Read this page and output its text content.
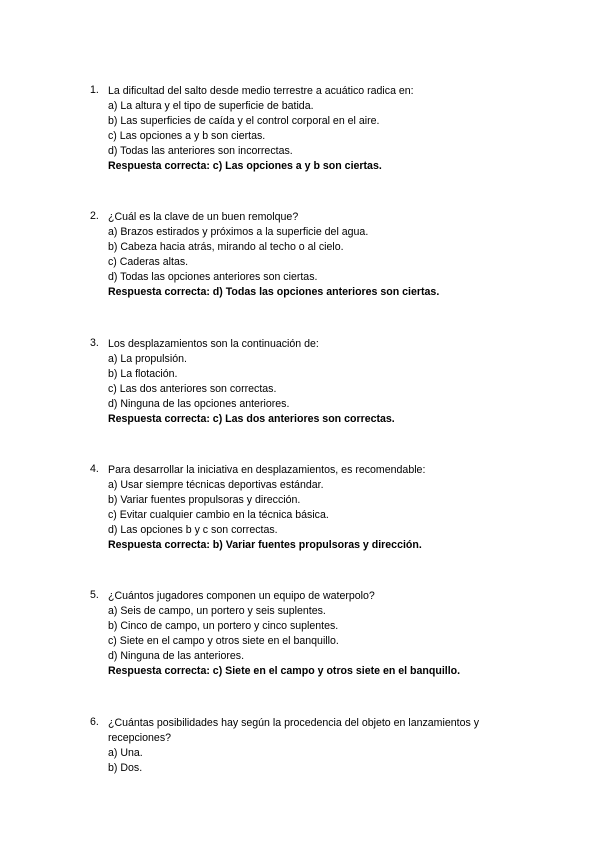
1. La dificultad del salto desde medio terrestre a acuático radica en:
a) La altura y el tipo de superficie de batida.
b) Las superficies de caída y el control corporal en el aire.
c) Las opciones a y b son ciertas.
d) Todas las anteriores son incorrectas.
Respuesta correcta: c) Las opciones a y b son ciertas.
2. ¿Cuál es la clave de un buen remolque?
a) Brazos estirados y próximos a la superficie del agua.
b) Cabeza hacia atrás, mirando al techo o al cielo.
c) Caderas altas.
d) Todas las opciones anteriores son ciertas.
Respuesta correcta: d) Todas las opciones anteriores son ciertas.
3. Los desplazamientos son la continuación de:
a) La propulsión.
b) La flotación.
c) Las dos anteriores son correctas.
d) Ninguna de las opciones anteriores.
Respuesta correcta: c) Las dos anteriores son correctas.
4. Para desarrollar la iniciativa en desplazamientos, es recomendable:
a) Usar siempre técnicas deportivas estándar.
b) Variar fuentes propulsoras y dirección.
c) Evitar cualquier cambio en la técnica básica.
d) Las opciones b y c son correctas.
Respuesta correcta: b) Variar fuentes propulsoras y dirección.
5. ¿Cuántos jugadores componen un equipo de waterpolo?
a) Seis de campo, un portero y seis suplentes.
b) Cinco de campo, un portero y cinco suplentes.
c) Siete en el campo y otros siete en el banquillo.
d) Ninguna de las anteriores.
Respuesta correcta: c) Siete en el campo y otros siete en el banquillo.
6. ¿Cuántas posibilidades hay según la procedencia del objeto en lanzamientos y
recepciones?
a) Una.
b) Dos.
